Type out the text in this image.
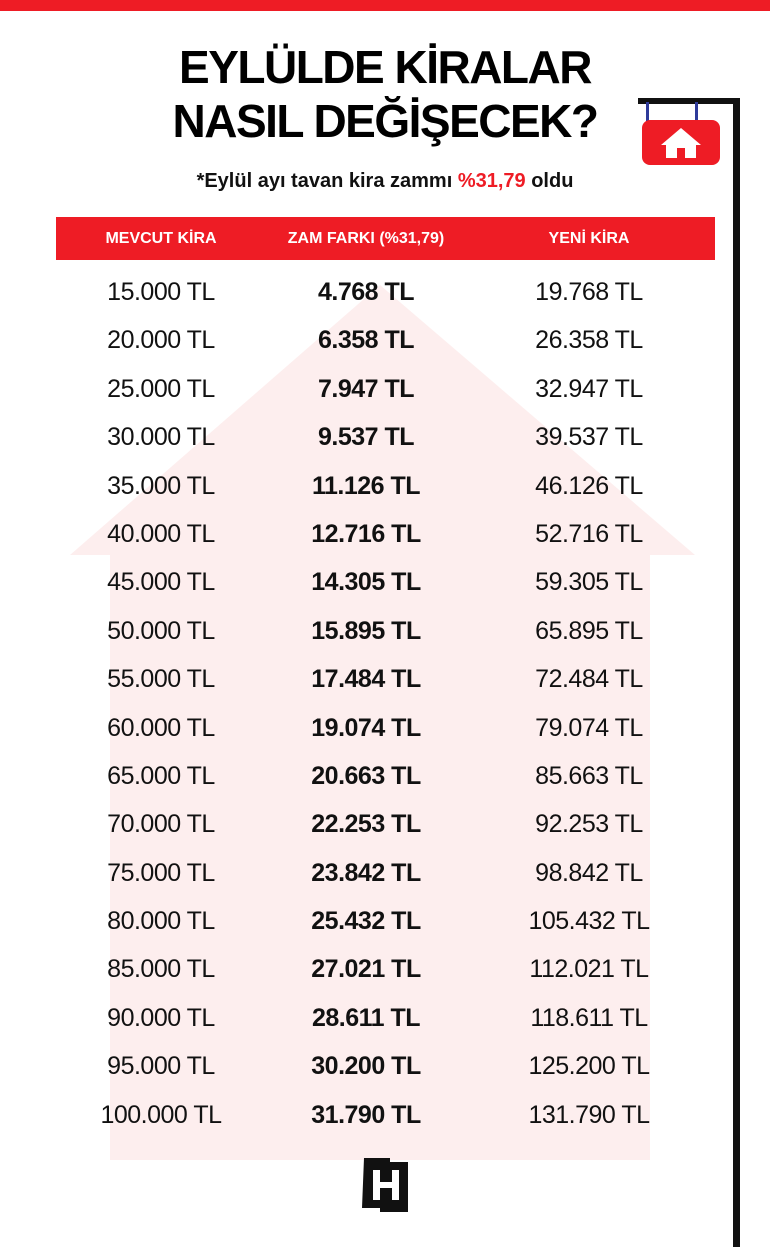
EYLÜLDE KİRALAR
NASIL DEĞİŞECEK?
*Eylül ayı tavan kira zammı %31,79 oldu
MEVCUT KİRA	ZAM FARKI (%31,79)	YENİ KİRA
15.000 TL	4.768 TL	19.768 TL
20.000 TL	6.358 TL	26.358 TL
25.000 TL	7.947 TL	32.947 TL
30.000 TL	9.537 TL	39.537 TL
35.000 TL	11.126 TL	46.126 TL
40.000 TL	12.716 TL	52.716 TL
45.000 TL	14.305 TL	59.305 TL
50.000 TL	15.895 TL	65.895 TL
55.000 TL	17.484 TL	72.484 TL
60.000 TL	19.074 TL	79.074 TL
65.000 TL	20.663 TL	85.663 TL
70.000 TL	22.253 TL	92.253 TL
75.000 TL	23.842 TL	98.842 TL
80.000 TL	25.432 TL	105.432 TL
85.000 TL	27.021 TL	112.021 TL
90.000 TL	28.611 TL	118.611 TL
95.000 TL	30.200 TL	125.200 TL
100.000 TL	31.790 TL	131.790 TL
